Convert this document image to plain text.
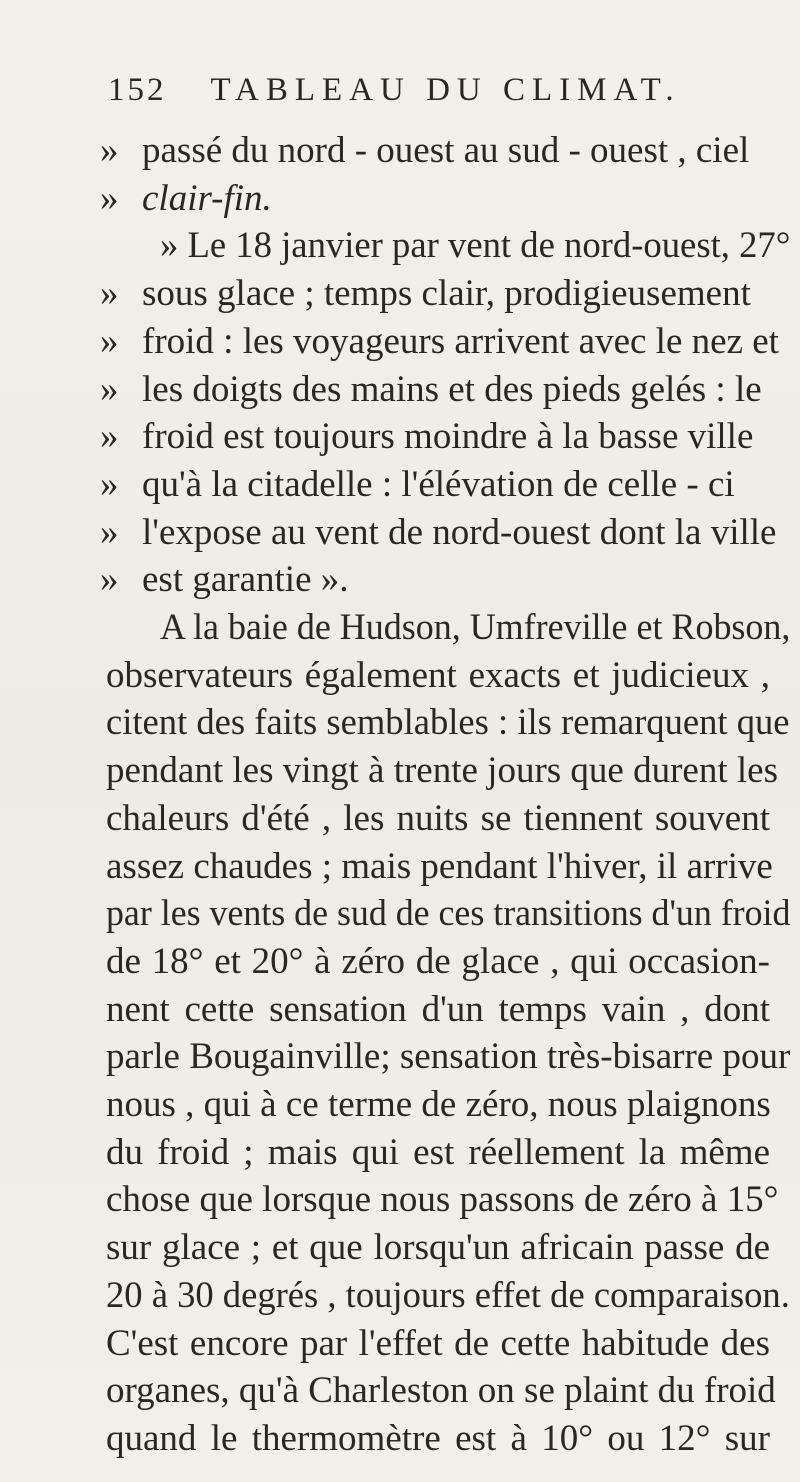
152 TABLEAU DU CLIMAT.
» passé du nord - ouest au sud - ouest , ciel
» clair-fin.
» Le 18 janvier par vent de nord-ouest, 27°
» sous glace ; temps clair, prodigieusement
» froid : les voyageurs arrivent avec le nez et
» les doigts des mains et des pieds gelés : le
» froid est toujours moindre à la basse ville
» qu'à la citadelle : l'élévation de celle - ci
» l'expose au vent de nord-ouest dont la ville
» est garantie ».
A la baie de Hudson, Umfreville et Robson,
observateurs également exacts et judicieux ,
citent des faits semblables : ils remarquent que
pendant les vingt à trente jours que durent les
chaleurs d'été , les nuits se tiennent souvent
assez chaudes ; mais pendant l'hiver, il arrive
par les vents de sud de ces transitions d'un froid
de 18° et 20° à zéro de glace , qui occasion-
nent cette sensation d'un temps vain , dont
parle Bougainville; sensation très-bisarre pour
nous , qui à ce terme de zéro, nous plaignons
du froid ; mais qui est réellement la même
chose que lorsque nous passons de zéro à 15°
sur glace ; et que lorsqu'un africain passe de
20 à 30 degrés , toujours effet de comparaison.
C'est encore par l'effet de cette habitude des
organes, qu'à Charleston on se plaint du froid
quand le thermomètre est à 10° ou 12° sur
